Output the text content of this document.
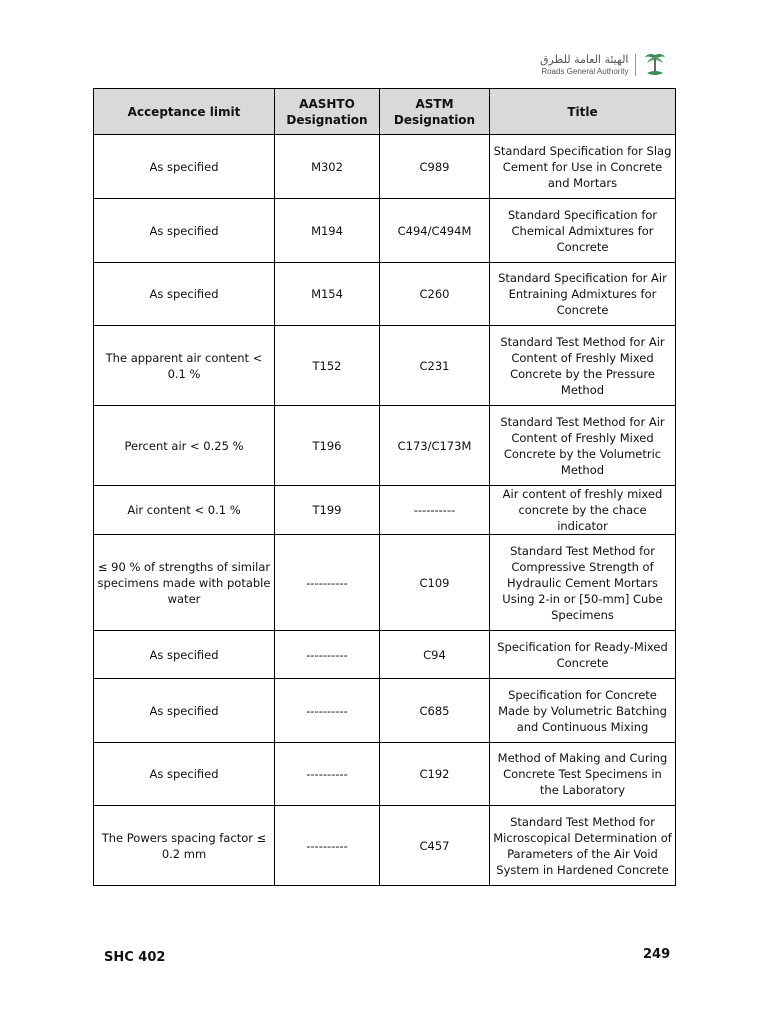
الهيئة العامة للطرق
Roads General Authority
Acceptance limit	AASHTO Designation	ASTM Designation	Title
As specified	M302	C989	Standard Specification for Slag Cement for Use in Concrete and Mortars
As specified	M194	C494/C494M	Standard Specification for Chemical Admixtures for Concrete
As specified	M154	C260	Standard Specification for Air Entraining Admixtures for Concrete
The apparent air content < 0.1 %	T152	C231	Standard Test Method for Air Content of Freshly Mixed Concrete by the Pressure Method
Percent air < 0.25 %	T196	C173/C173M	Standard Test Method for Air Content of Freshly Mixed Concrete by the Volumetric Method
Air content < 0.1 %	T199	----------	Air content of freshly mixed concrete by the chace indicator
≤ 90 % of strengths of similar specimens made with potable water	----------	C109	Standard Test Method for Compressive Strength of Hydraulic Cement Mortars Using 2-in or [50-mm] Cube Specimens
As specified	----------	C94	Specification for Ready-Mixed Concrete
As specified	----------	C685	Specification for Concrete Made by Volumetric Batching and Continuous Mixing
As specified	----------	C192	Method of Making and Curing Concrete Test Specimens in the Laboratory
The Powers spacing factor ≤ 0.2 mm	----------	C457	Standard Test Method for Microscopical Determination of Parameters of the Air Void System in Hardened Concrete
SHC 402	249
